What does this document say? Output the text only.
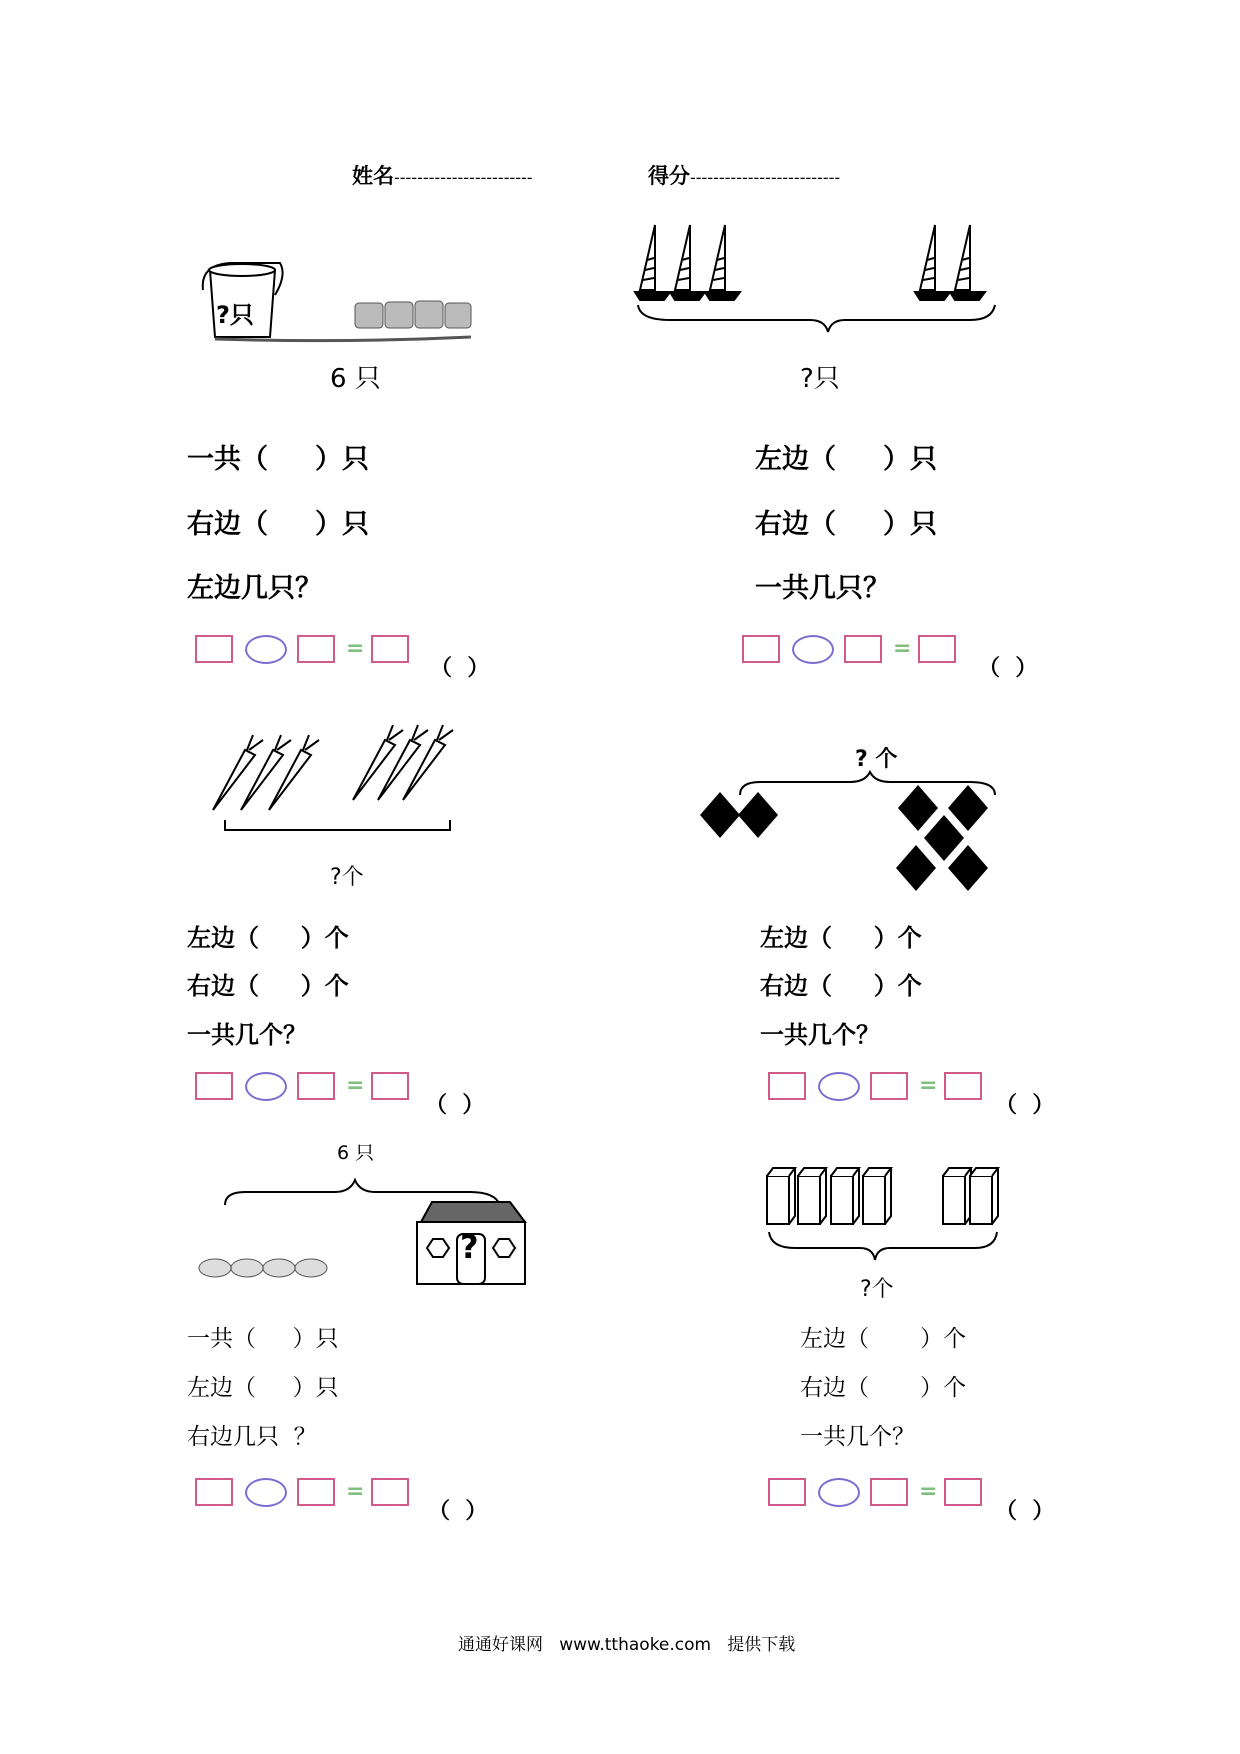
姓名------------------------	得分--------------------------
?只
6 只
一共（     ）只
右边（     ）只
左边几只？
=
（  ）
?只
左边（     ）只
右边（     ）只
一共几只？
=
（  ）
?个
左边（     ）个
右边（     ）个
一共几个？
=
（  ）
? 个
左边（     ）个
右边（     ）个
一共几个？
=
（  ）
6 只
?
一共（     ）只
左边（     ）只
右边几只  ？
=
（  ）
?个
左边（       ）个
右边（       ）个
一共几个？
=
（  ）
通通好课网   www.tthaoke.com   提供下载
